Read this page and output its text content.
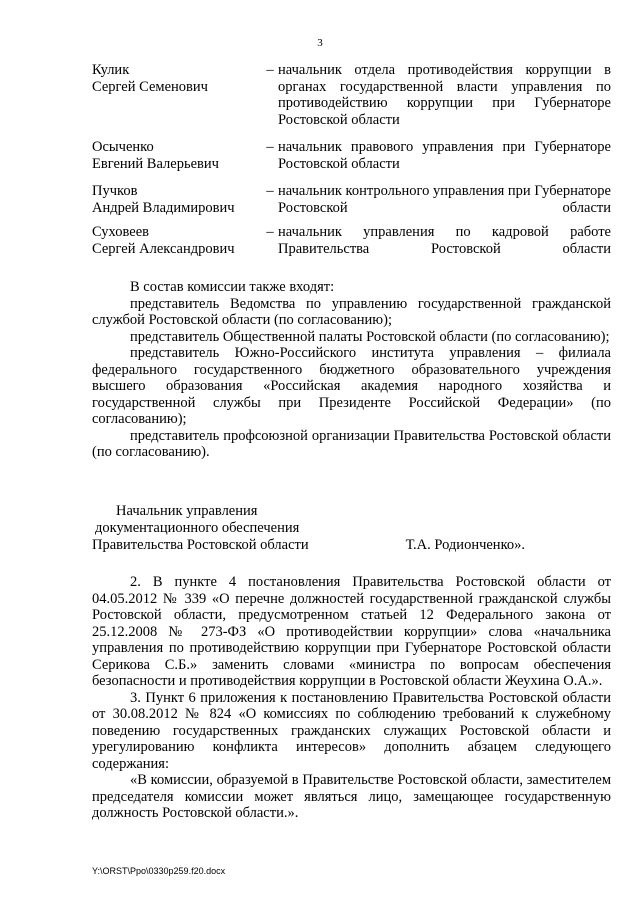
3
Кулик
Сергей Семенович
– начальник отдела противодействия коррупции в органах государственной власти управления по противодействию коррупции при Губернаторе Ростовской области
Осыченко
Евгений Валерьевич
– начальник правового управления при Губернаторе Ростовской области
Пучков
Андрей Владимирович
– начальник контрольного управления при Губернаторе Ростовской области
Суховеев
Сергей Александрович
– начальник управления по кадровой работе Правительства Ростовской области

В состав комиссии также входят:

представитель Ведомства по управлению государственной гражданской службой Ростовской области (по согласованию);

представитель Общественной палаты Ростовской области (по согласованию);

представитель Южно-Российского института управления – филиала федерального государственного бюджетного образовательного учреждения высшего образования «Российская академия народного хозяйства и государственной службы при Президенте Российской Федерации» (по согласованию);

представитель профсоюзной организации Правительства Ростовской области (по согласованию).

Начальник управления
документационного обеспечения
Правительства Ростовской области	Т.А. Родионченко».

2. В пункте 4 постановления Правительства Ростовской области от 04.05.2012 № 339 «О перечне должностей государственной гражданской службы Ростовской области, предусмотренном статьей 12 Федерального закона от 25.12.2008 № 273-ФЗ «О противодействии коррупции» слова «начальника управления по противодействию коррупции при Губернаторе Ростовской области Серикова С.Б.» заменить словами «министра по вопросам обеспечения безопасности и противодействия коррупции в Ростовской области Жеухина О.А.».

3. Пункт 6 приложения к постановлению Правительства Ростовской области от 30.08.2012 № 824 «О комиссиях по соблюдению требований к служебному поведению государственных гражданских служащих Ростовской области и урегулированию конфликта интересов» дополнить абзацем следующего содержания:

«В комиссии, образуемой в Правительстве Ростовской области, заместителем председателя комиссии может являться лицо, замещающее государственную должность Ростовской области.».

Y:\ORST\Ppo\0330p259.f20.docx
